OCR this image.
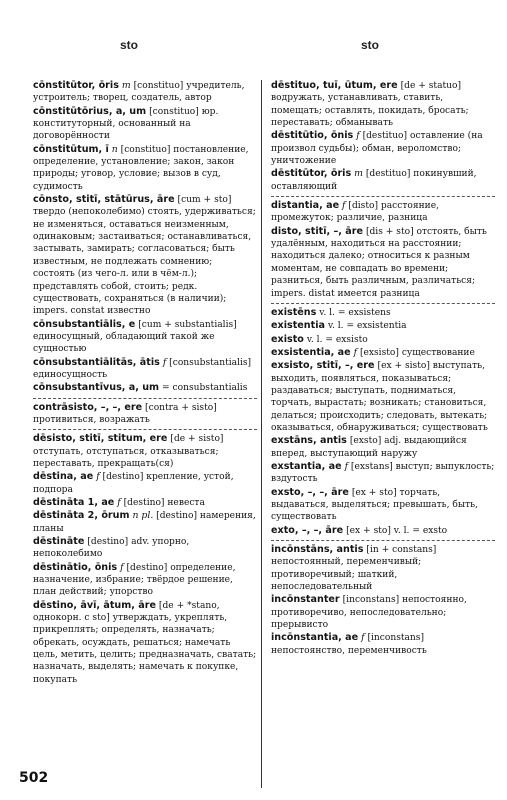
sto	sto
cōnstitūtor, ōris m [constituo] учредитель, устроитель; творец, создатель, автор
cōnstitūtōrius, a, um [constituo] юр. конституторный, основанный на договорённости
cōnstitūtum, ī n [constituo] постановление, определение, установление; закон, закон природы; уговор, условие; вызов в суд, судимость
cōnsto, stitī, stātūrus, āre [cum + sto] твердо (непоколебимо) стоять, удерживаться; не изменяться, оставаться неизменным, одинаковым; застаиваться; останавливаться, застывать, замирать; согласоваться; быть известным, не подлежать сомнению; состоять (из чего-л. или в чём-л.); представлять собой, стоить; редк. существовать, сохраняться (в наличии); impers. constat известно
cōnsubstantiālis, e [cum + substantialis] единосущный, обладающий такой же сущностью
cōnsubstantiālitās, ātis f [consubstantialis] единосущность
cōnsubstantīvus, a, um = consubstantialis
contrāsisto, –, –, ere [contra + sisto] противиться, возражать
dēsisto, stitī, stitum, ere [de + sisto] отступать, отступаться, отказываться; переставать, прекращать(ся)
dēstina, ae f [destino] крепление, устой, подпора
dēstināta 1, ae f [destino] невеста
dēstināta 2, ōrum n pl. [destino] намерения, планы
dēstināte [destino] adv. упорно, непоколебимо
dēstinātio, ōnis f [destino] определение, назначение, избрание; твёрдое решение, план действий; упорство
dēstino, āvī, ātum, āre [de + *stano, однокорн. с sto] утверждать, укреплять, прикреплять; определять, назначать; обрекать, осуждать, решаться; намечать цель, метить, целить; предназначать, сватать; назначать, выделять; намечать к покупке, покупать
dēstituo, tuī, ūtum, ere [de + statuo] водружать, устанавливать, ставить, помещать; оставлять, покидать, бросать; переставать; обманывать
dēstitūtio, ōnis f [destituo] оставление (на произвол судьбы); обман, вероломство; уничтожение
dēstitūtor, ōris m [destituo] покинувший, оставляющий
distantia, ae f [disto] расстояние, промежуток; различие, разница
disto, stitī, –, āre [dis + sto] отстоять, быть удалённым, находиться на расстоянии; находиться далеко; относиться к разным моментам, не совпадать во времени; разниться, быть различным, различаться; impers. distat имеется разница
existēns v. l. = exsistens
existentia v. l. = exsistentia
existo v. l. = exsisto
exsistentia, ae f [exsisto] существование
exsisto, stitī, –, ere [ex + sisto] выступать, выходить, появляться, показываться; раздаваться; выступать, подниматься, торчать, вырастать; возникать; становиться, делаться; происходить; следовать, вытекать; оказываться, обнаруживаться; существовать
exstāns, antis [exsto] adj. выдающийся вперед, выступающий наружу
exstantia, ae f [exstans] выступ; выпуклость; вздутость
exsto, –, –, āre [ex + sto] торчать, выдаваться, выделяться; превышать, быть, существовать
exto, –, –, āre [ex + sto] v. l. = exsto
incōnstāns, antis [in + constans] непостоянный, переменчивый; противоречивый; шаткий, непоследовательный
incōnstanter [inconstans] непостоянно, противоречиво, непоследовательно; прерывисто
incōnstantia, ae f [inconstans] непостоянство, переменчивость
502
